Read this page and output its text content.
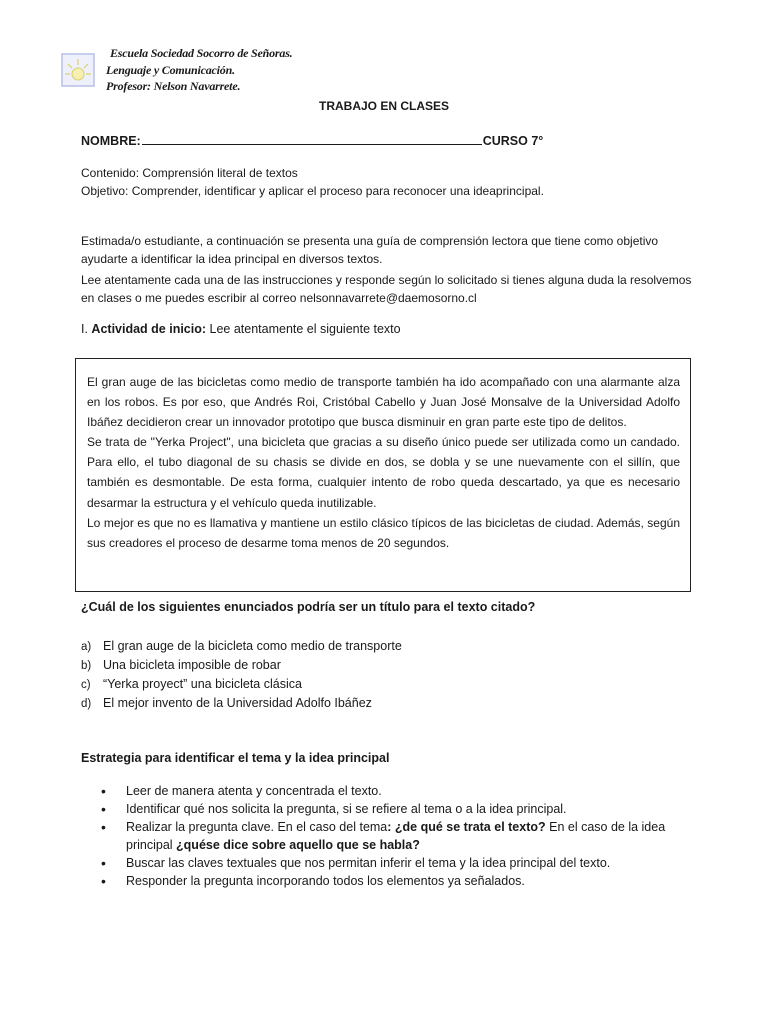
Escuela Sociedad Socorro de Señoras.
Lenguaje y Comunicación.
Profesor: Nelson Navarrete.
TRABAJO EN CLASES
NOMBRE:	CURSO 7°
Contenido: Comprensión literal de textos
Objetivo: Comprender, identificar y aplicar el proceso para reconocer una ideaprincipal.
Estimada/o estudiante, a continuación se presenta una guía de comprensión lectora que tiene como objetivo ayudarte a identificar la idea principal en diversos textos.
Lee atentamente cada una de las instrucciones y responde según lo solicitado si tienes alguna duda la resolvemos en clases o me puedes escribir al correo nelsonnavarrete@daemosorno.cl
I. Actividad de inicio: Lee atentamente el siguiente texto

El gran auge de las bicicletas como medio de transporte también ha ido acompañado con una alarmante alza en los robos. Es por eso, que Andrés Roi, Cristóbal Cabello y Juan José Monsalve de la Universidad Adolfo Ibáñez decidieron crear un innovador prototipo que busca disminuir en gran parte este tipo de delitos.

Se trata de "Yerka Project", una bicicleta que gracias a su diseño único puede ser utilizada como un candado. Para ello, el tubo diagonal de su chasis se divide en dos, se dobla y se une nuevamente con el sillín, que también es desmontable. De esta forma, cualquier intento de robo queda descartado, ya que es necesario desarmar la estructura y el vehículo queda inutilizable.

Lo mejor es que no es llamativa y mantiene un estilo clásico típicos de las bicicletas de ciudad. Además, según sus creadores el proceso de desarme toma menos de 20 segundos.

¿Cuál de los siguientes enunciados podría ser un título para el texto citado?
a) El gran auge de la bicicleta como medio de transporte
b) Una bicicleta imposible de robar
c) “Yerka proyect” una bicicleta clásica
d) El mejor invento de la Universidad Adolfo Ibáñez
Estrategia para identificar el tema y la idea principal
• Leer de manera atenta y concentrada el texto.
• Identificar qué nos solicita la pregunta, si se refiere al tema o a la idea principal.
• Realizar la pregunta clave. En el caso del tema: ¿de qué se trata el texto? En el caso de la idea principal ¿quése dice sobre aquello que se habla?
• Buscar las claves textuales que nos permitan inferir el tema y la idea principal del texto.
• Responder la pregunta incorporando todos los elementos ya señalados.
